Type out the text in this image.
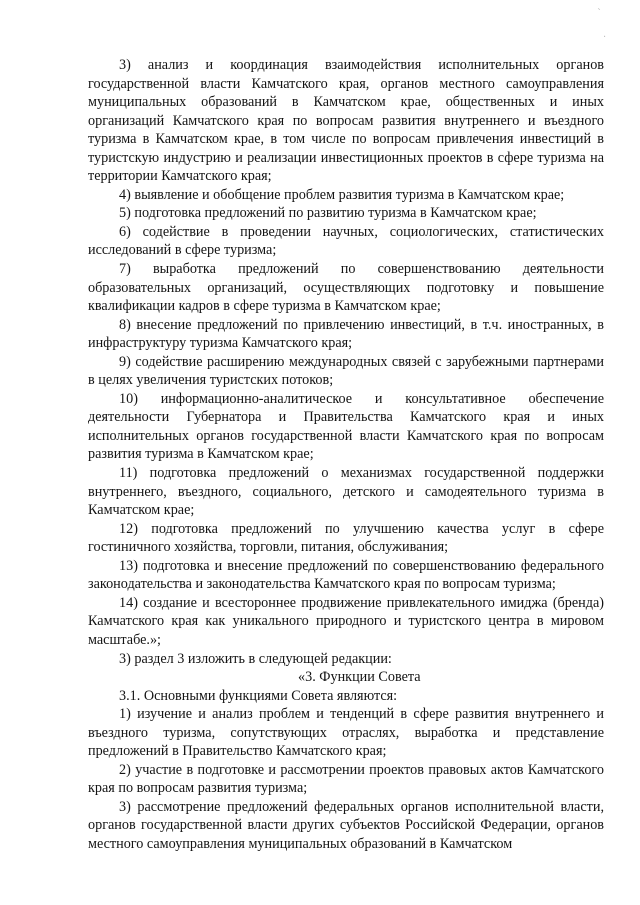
`
·

3) анализ и координация взаимодействия исполнительных органов государственной власти Камчатского края, органов местного самоуправления муниципальных образований в Камчатском крае, общественных и иных организаций Камчатского края по вопросам развития внутреннего и въездного туризма в Камчатском крае, в том числе по вопросам привлечения инвестиций в туристскую индустрию и реализации инвестиционных проектов в сфере туризма на территории Камчатского края;

4) выявление и обобщение проблем развития туризма в Камчатском крае;

5) подготовка предложений по развитию туризма в Камчатском крае;

6) содействие в проведении научных, социологических, статистических исследований в сфере туризма;

7) выработка предложений по совершенствованию деятельности образовательных организаций, осуществляющих подготовку и повышение квалификации кадров в сфере туризма в Камчатском крае;

8) внесение предложений по привлечению инвестиций, в т.ч. иностранных, в инфраструктуру туризма Камчатского края;

9) содействие расширению международных связей с зарубежными партнерами в целях увеличения туристских потоков;

10) информационно-аналитическое и консультативное обеспечение деятельности Губернатора и Правительства Камчатского края и иных исполнительных органов государственной власти Камчатского края по вопросам развития туризма в Камчатском крае;

11) подготовка предложений о механизмах государственной поддержки внутреннего, въездного, социального, детского и самодеятельного туризма в Камчатском крае;

12) подготовка предложений по улучшению качества услуг в сфере гостиничного хозяйства, торговли, питания, обслуживания;

13) подготовка и внесение предложений по совершенствованию федерального законодательства и законодательства Камчатского края по вопросам туризма;

14) создание и всестороннее продвижение привлекательного имиджа (бренда) Камчатского края как уникального природного и туристского центра в мировом масштабе.»;

3) раздел 3 изложить в следующей редакции:

«3. Функции Совета

3.1. Основными функциями Совета являются:

1) изучение и анализ проблем и тенденций в сфере развития внутреннего и въездного туризма, сопутствующих отраслях, выработка и представление предложений в Правительство Камчатского края;

2) участие в подготовке и рассмотрении проектов правовых актов Камчатского края по вопросам развития туризма;

3) рассмотрение предложений федеральных органов исполнительной власти, органов государственной власти других субъектов Российской Федерации, органов местного самоуправления муниципальных образований в Камчатском
